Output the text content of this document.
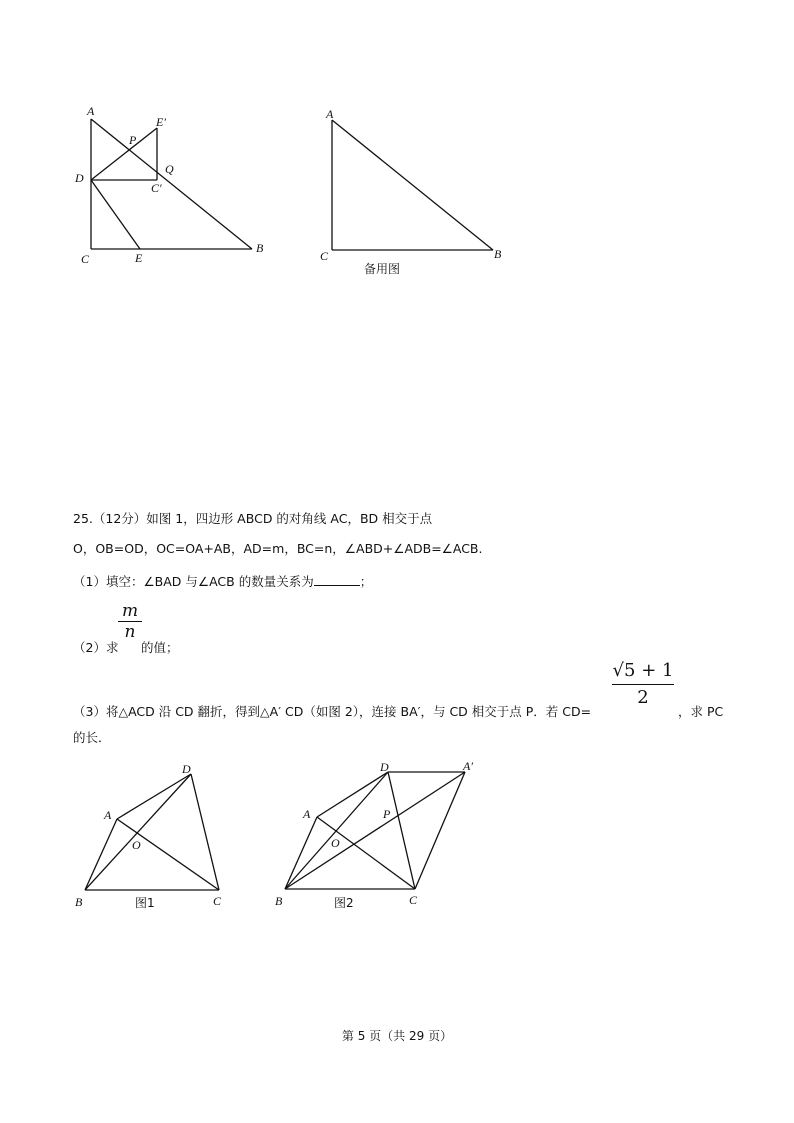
A
P
E′
D
Q
C′
C	E
B
A
C	B
备用图
25.（12分）如图 1，四边形 ABCD 的对角线 AC，BD 相交于点
O，OB=OD，OC=OA+AB，AD=m，BC=n，∠ABD+∠ADB=∠ACB.
（1）填空：∠BAD 与∠ACB 的数量关系为	；
（2）求
m
n
的值；
（3）将△ACD 沿 CD 翻折，得到△A′ CD（如图 2），连接 BA′，与 CD 相交于点 P．若 CD=
√5 + 1
2
，求 PC
的长．
D
A
O
B	C
图1
D	A′
A	P
O
B	C
图2
第 5 页（共 29 页）
